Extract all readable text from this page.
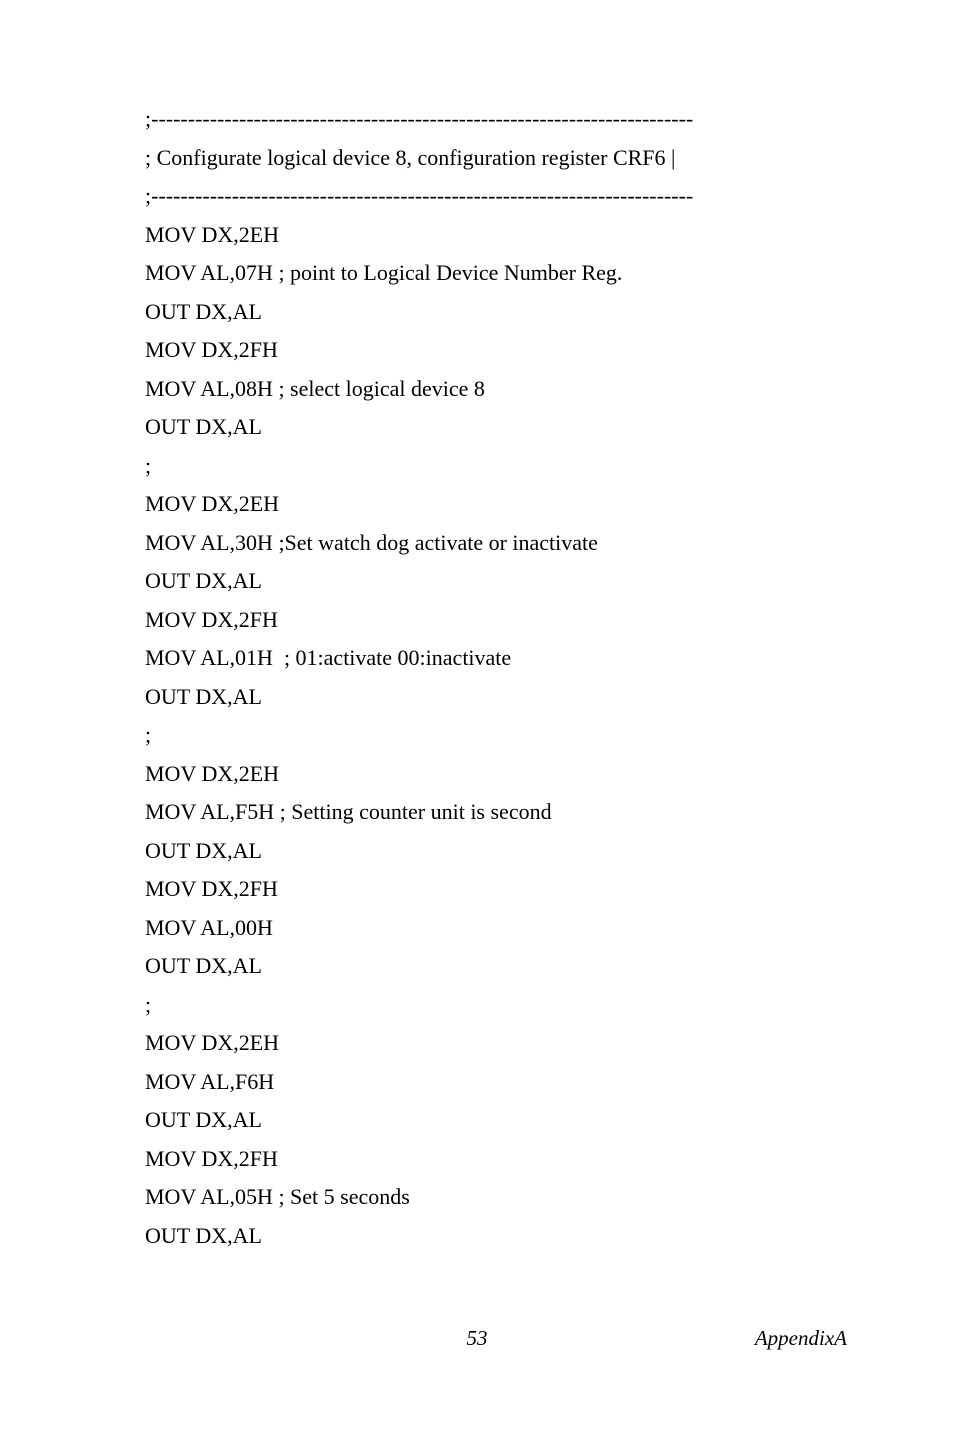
;--------------------------------------------------------------------------
; Configurate logical device 8, configuration register CRF6 |
;--------------------------------------------------------------------------
MOV DX,2EH
MOV AL,07H ; point to Logical Device Number Reg.
OUT DX,AL
MOV DX,2FH
MOV AL,08H ; select logical device 8
OUT DX,AL
;
MOV DX,2EH
MOV AL,30H ;Set watch dog activate or inactivate
OUT DX,AL
MOV DX,2FH
MOV AL,01H  ; 01:activate 00:inactivate
OUT DX,AL
;
MOV DX,2EH
MOV AL,F5H ; Setting counter unit is second
OUT DX,AL
MOV DX,2FH
MOV AL,00H
OUT DX,AL
;
MOV DX,2EH
MOV AL,F6H
OUT DX,AL
MOV DX,2FH
MOV AL,05H ; Set 5 seconds
OUT DX,AL
53	AppendixA
